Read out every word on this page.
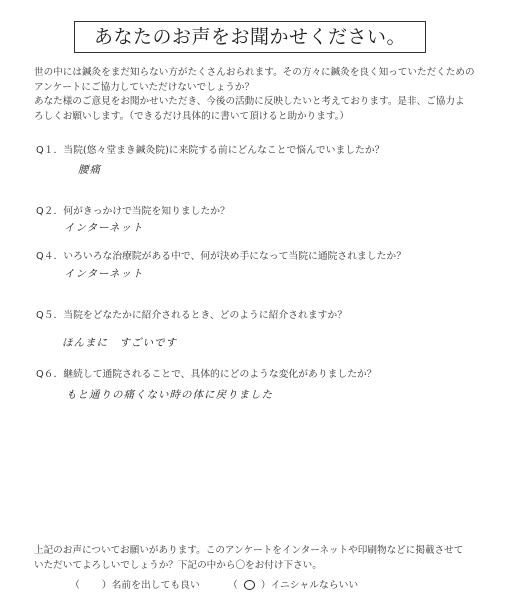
あなたのお声をお聞かせください。

世の中には鍼灸をまだ知らない方がたくさんおられます。その方々に鍼灸を良く知っていただくための

アンケートにご協力していただけないでしょうか？

あなた様のご意見をお聞かせいただき、今後の活動に反映したいと考えております。是非、ご協力よ

ろしくお願いします。（できるだけ具体的に書いて頂けると助かります。）

Q１．当院(悠々堂まき鍼灸院)に来院する前にどんなことで悩んでいましたか？
腰痛
Q２．何がきっかけで当院を知りましたか？
インターネット
Q４．いろいろな治療院がある中で、何が決め手になって当院に通院されましたか？
インターネット
Q５．当院をどなたかに紹介されるとき、どのように紹介されますか？
ほんまに　すごいです
Q６．継続して通院されることで、具体的にどのような変化がありましたか？
もと通りの痛くない時の体に戻りました

上記のお声についてお願いがあります。このアンケートをインターネットや印刷物などに掲載させて

いただいてよろしいでしょうか？下記の中から〇をお付け下さい。

（ ）名前を出しても良い	（ ）イニシャルならいい
